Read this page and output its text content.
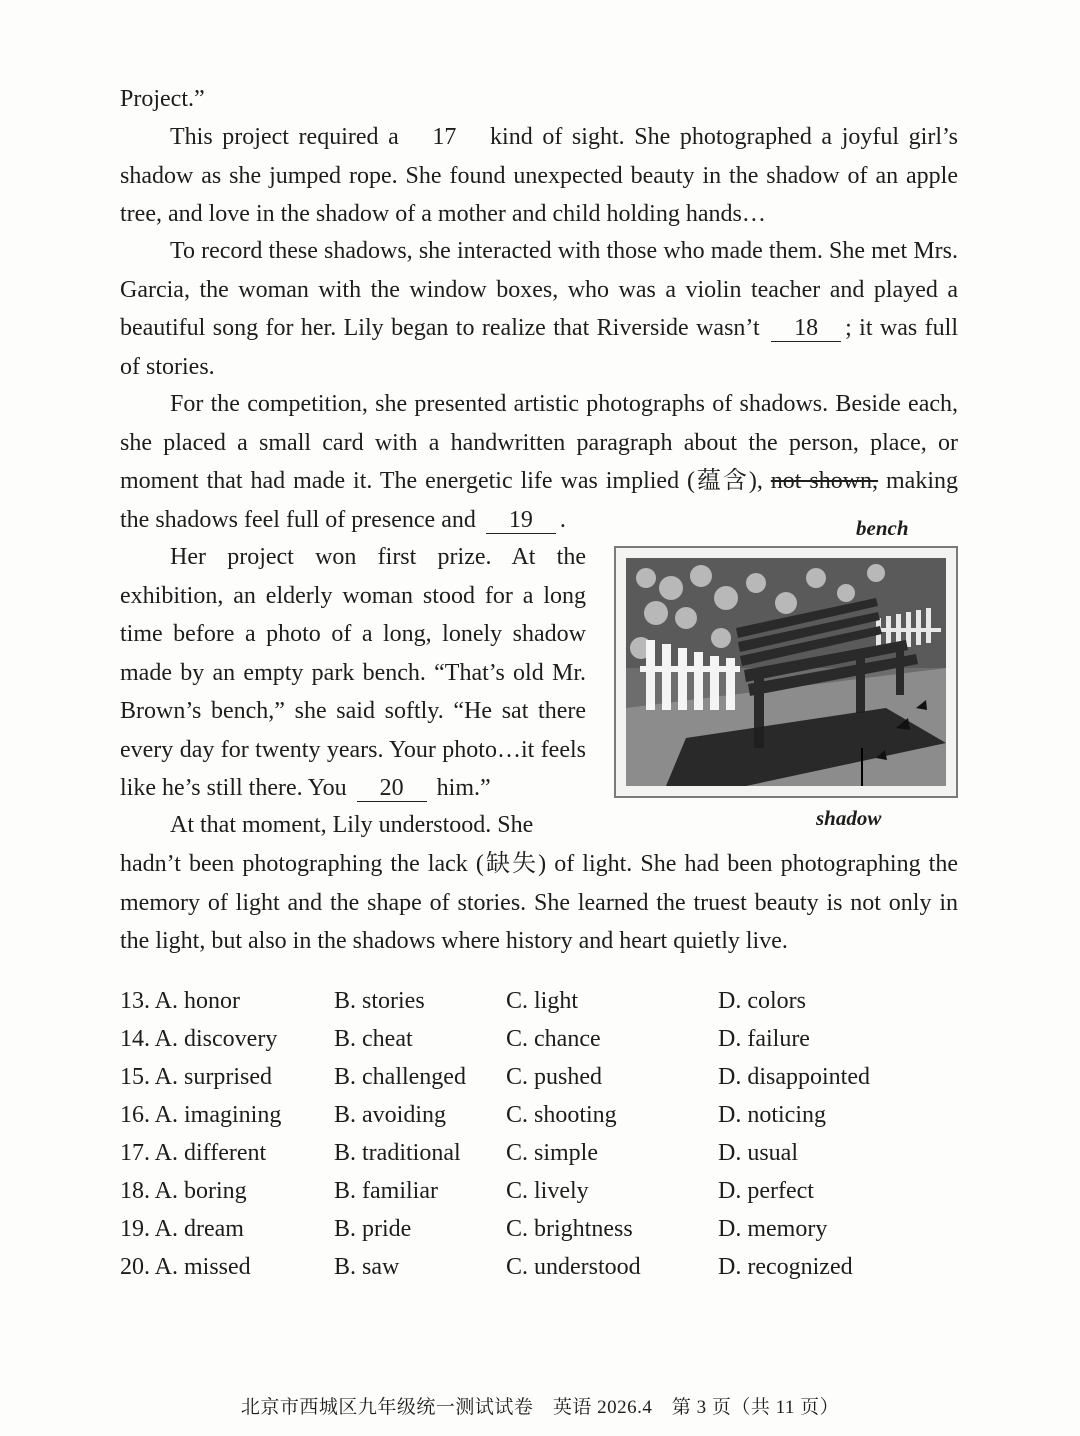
Project.”
This project required a 17 kind of sight. She photographed a joyful girl’s shadow as she jumped rope. She found unexpected beauty in the shadow of an apple tree, and love in the shadow of a mother and child holding hands…
To record these shadows, she interacted with those who made them. She met Mrs. Garcia, the woman with the window boxes, who was a violin teacher and played a beautiful song for her. Lily began to realize that Riverside wasn’t 18 ; it was full of stories.
For the competition, she presented artistic photographs of shadows. Beside each, she placed a small card with a handwritten paragraph about the person, place, or moment that had made it. The energetic life was implied (蕴含), not shown, making the shadows feel full of presence and 19 .
Her project won first prize. At the exhibition, an elderly woman stood for a long time before a photo of a long, lonely shadow made by an empty park bench. “That’s old Mr. Brown’s bench,” she said softly. “He sat there every day for twenty years. Your photo…it feels like he’s still there. You 20 him.”
At that moment, Lily understood. She
hadn’t been photographing the lack (缺失) of light. She had been photographing the memory of light and the shape of stories. She learned the truest beauty is not only in the light, but also in the shadows where history and heart quietly live.
bench
shadow
13. A. honor	B. stories	C. light	D. colors
14. A. discovery B. cheat	C. chance	D. failure
15. A. surprised	B. challenged C. pushed	D. disappointed
16. A. imagining B. avoiding	C. shooting	D. noticing
17. A. different	B. traditional C. simple	D. usual
18. A. boring	B. familiar	C. lively	D. perfect
19. A. dream	B. pride	C. brightness	D. memory
20. A. missed	B. saw	C. understood	D. recognized
北京市西城区九年级统一测试试卷　英语 2026.4　第 3 页（共 11 页）
